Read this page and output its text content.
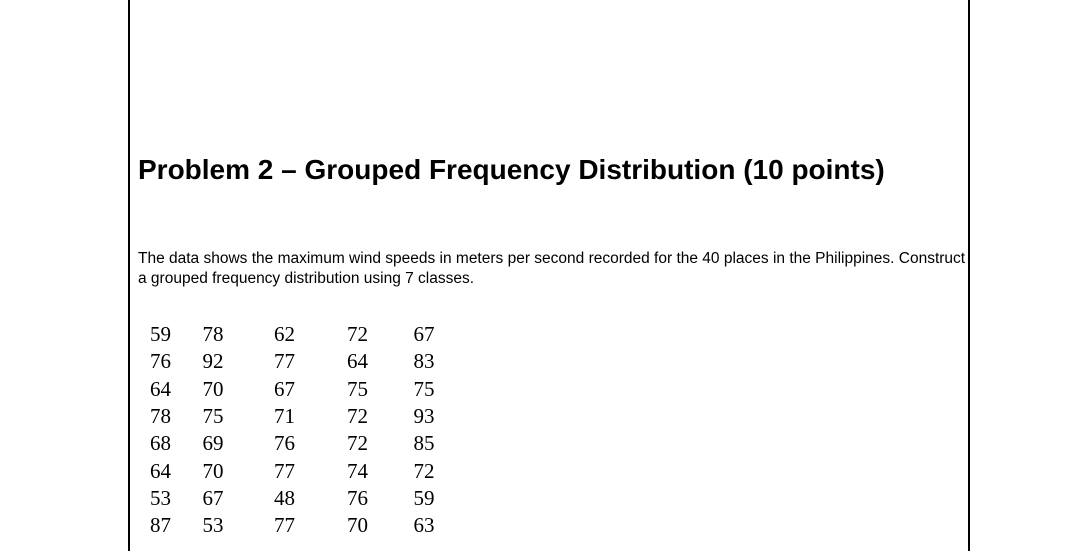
Problem 2 – Grouped Frequency Distribution (10 points)

The data shows the maximum wind speeds in meters per second recorded for the 40 places in the Philippines. Construct a grouped frequency distribution using 7 classes.

59	78	62	72	67
76	92	77	64	83
64	70	67	75	75
78	75	71	72	93
68	69	76	72	85
64	70	77	74	72
53	67	48	76	59
87	53	77	70	63
